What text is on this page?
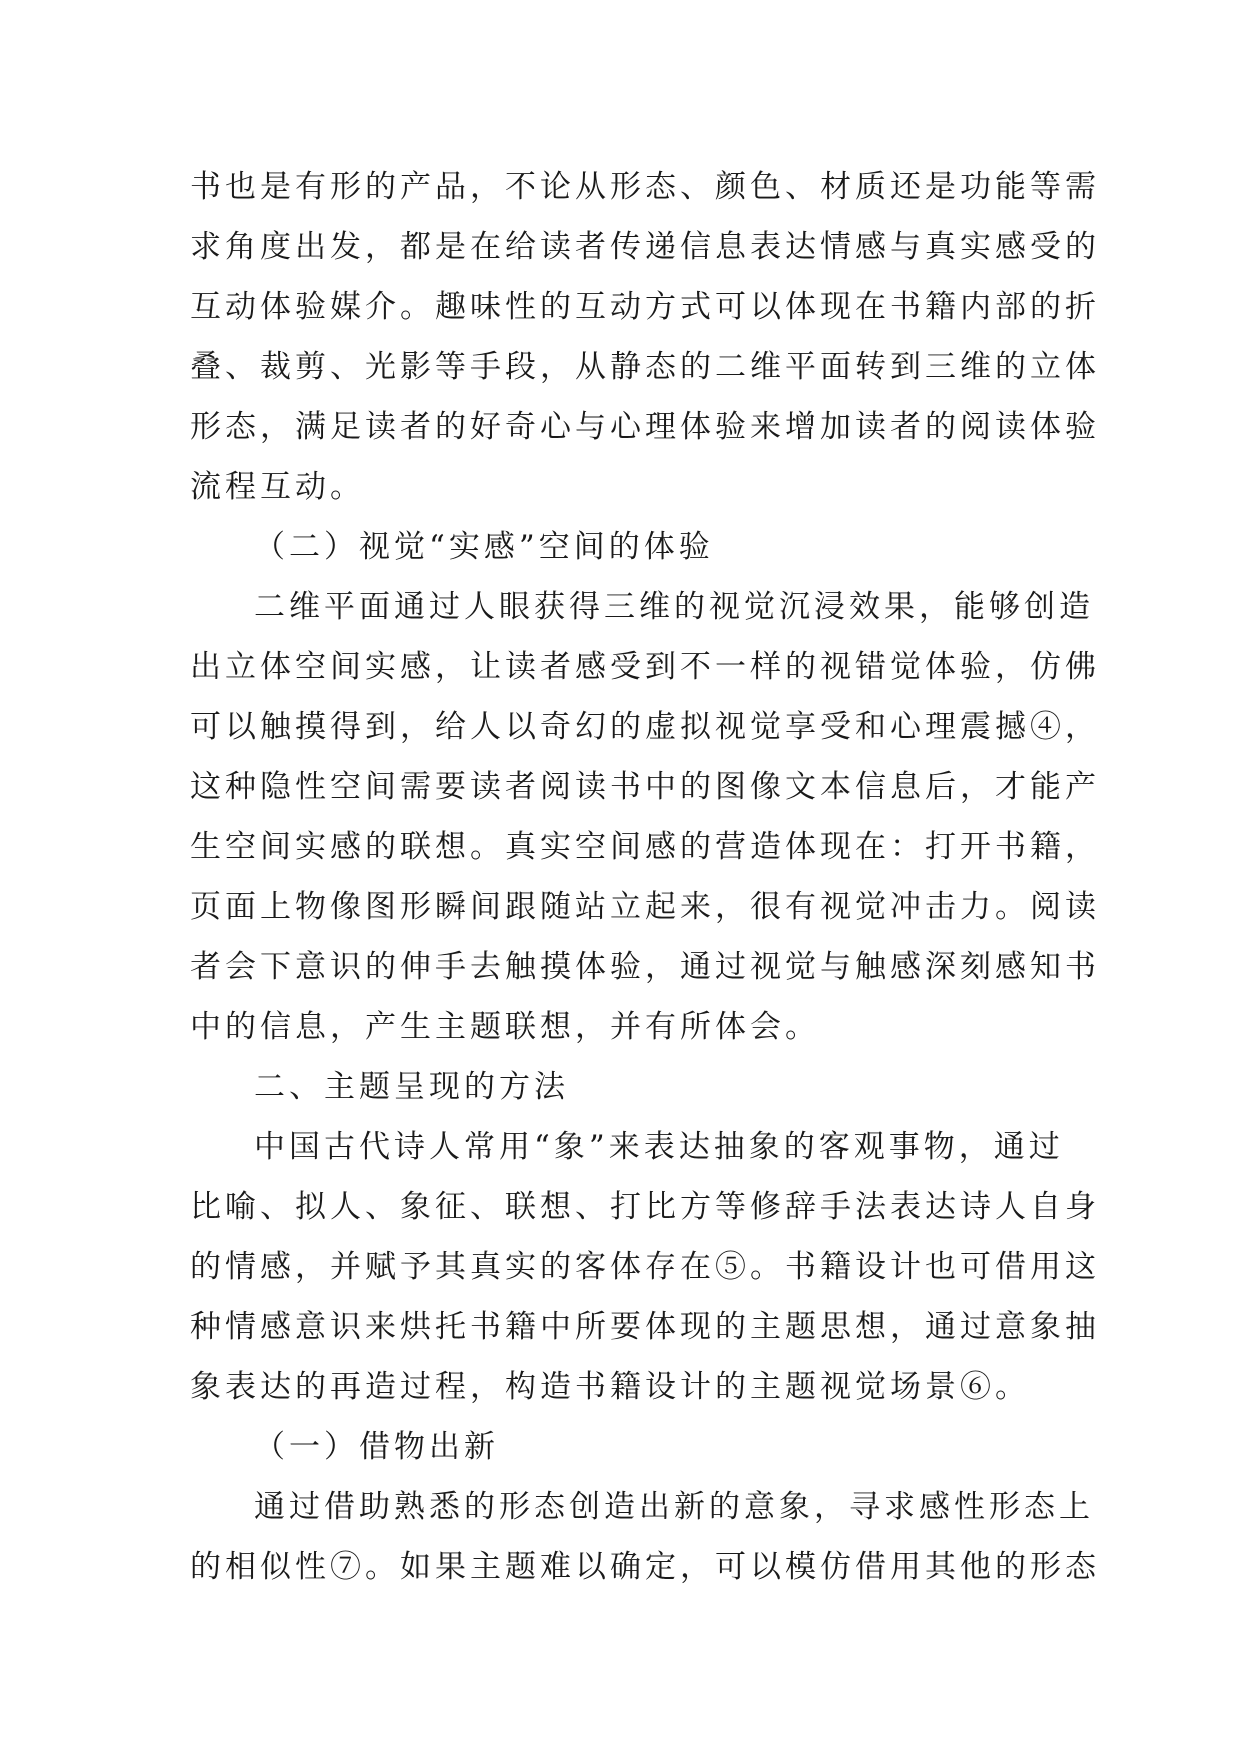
书也是有形的产品，不论从形态、颜色、材质还是功能等需
求角度出发，都是在给读者传递信息表达情感与真实感受的
互动体验媒介。趣味性的互动方式可以体现在书籍内部的折
叠、裁剪、光影等手段，从静态的二维平面转到三维的立体
形态，满足读者的好奇心与心理体验来增加读者的阅读体验
流程互动。
（二）视觉“实感”空间的体验
二维平面通过人眼获得三维的视觉沉浸效果，能够创造
出立体空间实感，让读者感受到不一样的视错觉体验，仿佛
可以触摸得到，给人以奇幻的虚拟视觉享受和心理震撼④，
这种隐性空间需要读者阅读书中的图像文本信息后，才能产
生空间实感的联想。真实空间感的营造体现在：打开书籍，
页面上物像图形瞬间跟随站立起来，很有视觉冲击力。阅读
者会下意识的伸手去触摸体验，通过视觉与触感深刻感知书
中的信息，产生主题联想，并有所体会。
二、主题呈现的方法
中国古代诗人常用“象”来表达抽象的客观事物，通过
比喻、拟人、象征、联想、打比方等修辞手法表达诗人自身
的情感，并赋予其真实的客体存在⑤。书籍设计也可借用这
种情感意识来烘托书籍中所要体现的主题思想，通过意象抽
象表达的再造过程，构造书籍设计的主题视觉场景⑥。
（一）借物出新
通过借助熟悉的形态创造出新的意象，寻求感性形态上
的相似性⑦。如果主题难以确定，可以模仿借用其他的形态
